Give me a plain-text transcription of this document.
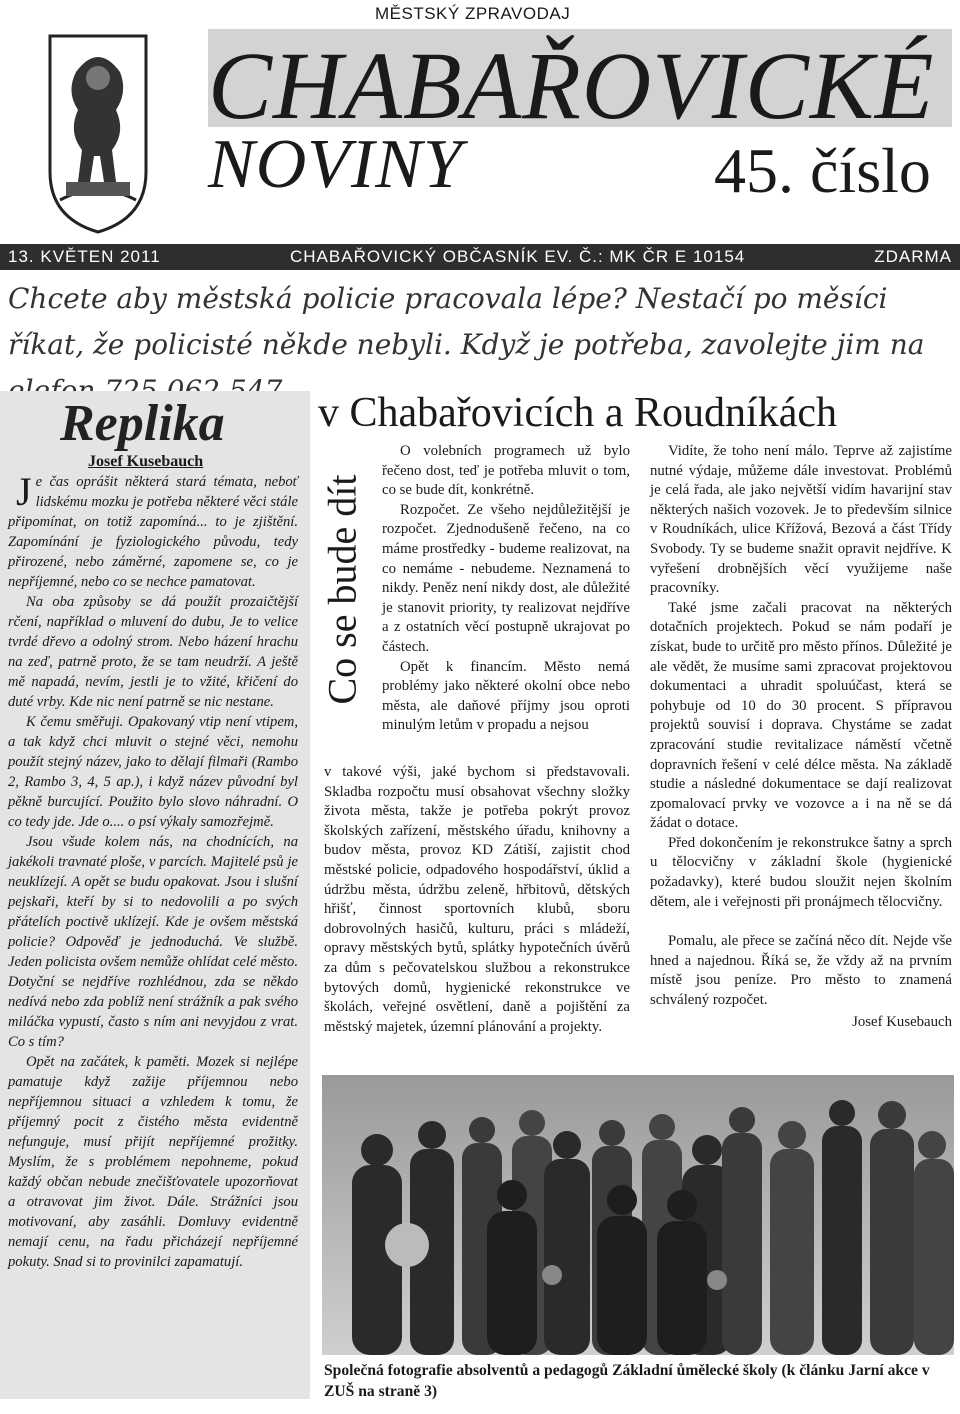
MĚSTSKÝ ZPRAVODAJ
CHABAŘOVICKÉ
NOVINY	45. číslo
13. KVĚTEN 2011	CHABAŘOVICKÝ OBČASNÍK EV. Č.: MK ČR E 10154	ZDARMA
Chcete aby městská policie pracovala lépe? Nestačí po měsíci říkat, že policisté někde nebyli. Když je potřeba, zavolejte jim na
Replika
Josef Kusebauch

Je čas oprášit některá stará témata, neboť lidskému mozku je potřeba některé věci stále připomínat, on totiž zapomíná... to je zjištění. Zapomínání je fyziologického původu, tedy přirozené, nebo záměrné, zapomene se, co je nepříjemné, nebo co se nechce pamatovat.

Na oba způsoby se dá použít prozaičtější rčení, například o mluvení do dubu, Je to velice tvrdé dřevo a odolný strom. Nebo házení hrachu na zeď, patrně proto, že se tam neudrží. A ještě mě napadá, nevím, jestli je to vžité, křičení do duté vrby. Kde nic není patrně se nic nestane.

K čemu směřuji. Opakovaný vtip není vtipem, a tak když chci mluvit o stejné věci, nemohu použít stejný název, jako to dělají filmaři (Rambo 2, Rambo 3, 4, 5 ap.), i když název původní byl pěkně burcující. Použito bylo slovo náhradní. O co tedy jde. Jde o.... o psí výkaly samozřejmě.

Jsou všude kolem nás, na chodnících, na jakékoli travnaté ploše, v parcích. Majitelé psů je neuklízejí. A opět se budu opakovat. Jsou i slušní pejskaři, kteří by si to nedovolili a po svých přátelích poctivě uklízejí. Kde je ovšem městská policie? Odpověď je jednoduchá. Ve službě. Jeden policista ovšem nemůže ohlídat celé město. Dotyční se nejdříve rozhlédnou, zda se někdo nedívá nebo zda poblíž není strážník a pak svého miláčka vypustí, často s ním ani nevyjdou z vrat. Co s tím?

Opět na začátek, k paměti. Mozek si nejlépe pamatuje když zažije příjemnou nebo nepříjemnou situaci a vzhledem k tomu, že příjemný pocit z čistého města evidentně nefunguje, musí přijít nepříjemné prožitky. Myslím, že s problémem nepohneme, pokud každý občan nebude znečišťovatele upozorňovat a otravovat jim život. Dále. Strážníci jsou motivovaní, aby zasáhli. Domluvy evidentně nemají cenu, na řadu přicházejí nepříjemné pokuty. Snad si to provinilci zapamatují.

v Chabařovicích a Roudníkách
Co se bude dít

O volebních programech už bylo řečeno dost, teď je potřeba mluvit o tom, co se bude dít, konkrétně.

Rozpočet. Ze všeho nejdůležitější je rozpočet. Zjednodušeně řečeno, na co máme prostředky - budeme realizovat, na co nemáme - nebudeme. Neznamená to nikdy. Peněz není nikdy dost, ale důležité je stanovit priority, ty realizovat nejdříve a z ostatních věcí postupně ukrajovat po částech.

Opět k financím. Město nemá problémy jako některé okolní obce nebo města, ale daňové příjmy jsou oproti minulým letům v propadu a nejsou

v takové výši, jaké bychom si představovali. Skladba rozpočtu musí obsahovat všechny složky života města, takže je potřeba pokrýt provoz školských zařízení, městského úřadu, knihovny a budov města, provoz KD Zátiší, zajistit chod městské policie, odpadového hospodářství, úklid a údržbu města, údržbu zeleně, hřbitovů, dětských hřišť, činnost sportovních klubů, sboru dobrovolných hasičů, kulturu, práci s mládeží, opravy městských bytů, splátky hypotečních úvěrů za dům s pečovatelskou službou a rekonstrukce bytových domů, hygienické rekonstrukce ve školách, veřejné osvětlení, daně a pojištění za městský majetek, územní plánování a projekty.

Vidíte, že toho není málo. Teprve až zajistíme nutné výdaje, můžeme dále investovat. Problémů je celá řada, ale jako největší vidím havarijní stav některých našich vozovek. Je to především silnice v Roudníkách, ulice Křížová, Bezová a část Třídy Svobody. Ty se budeme snažit opravit nejdříve. K vyřešení drobnějších věcí využijeme naše pracovníky.

Také jsme začali pracovat na některých dotačních projektech. Pokud se nám podaří je získat, bude to určitě pro město přínos. Důležité je ale vědět, že musíme sami zpracovat projektovou dokumentaci a uhradit spoluúčast, která se pohybuje od 10 do 30 procent. S přípravou projektů souvisí i doprava. Chystáme se zadat zpracování studie revitalizace náměstí včetně dopravních řešení v celé délce města. Na základě studie a následné dokumentace se dají realizovat zpomalovací prvky ve vozovce a i na ně se dá žádat o dotace.

Před dokončením je rekonstrukce šatny a sprch u tělocvičny v základní škole (hygienické požadavky), které budou sloužit nejen školním dětem, ale i veřejnosti při pronájmech tělocvičny.

Pomalu, ale přece se začíná něco dít. Nejde vše hned a najednou. Říká se, že vždy až na prvním místě jsou peníze. Pro město to znamená schválený rozpočet.

Josef Kusebauch

Společná fotografie absolventů a pedagogů Základní ůmělecké školy (k článku Jarní akce v ZUŠ na straně 3)
